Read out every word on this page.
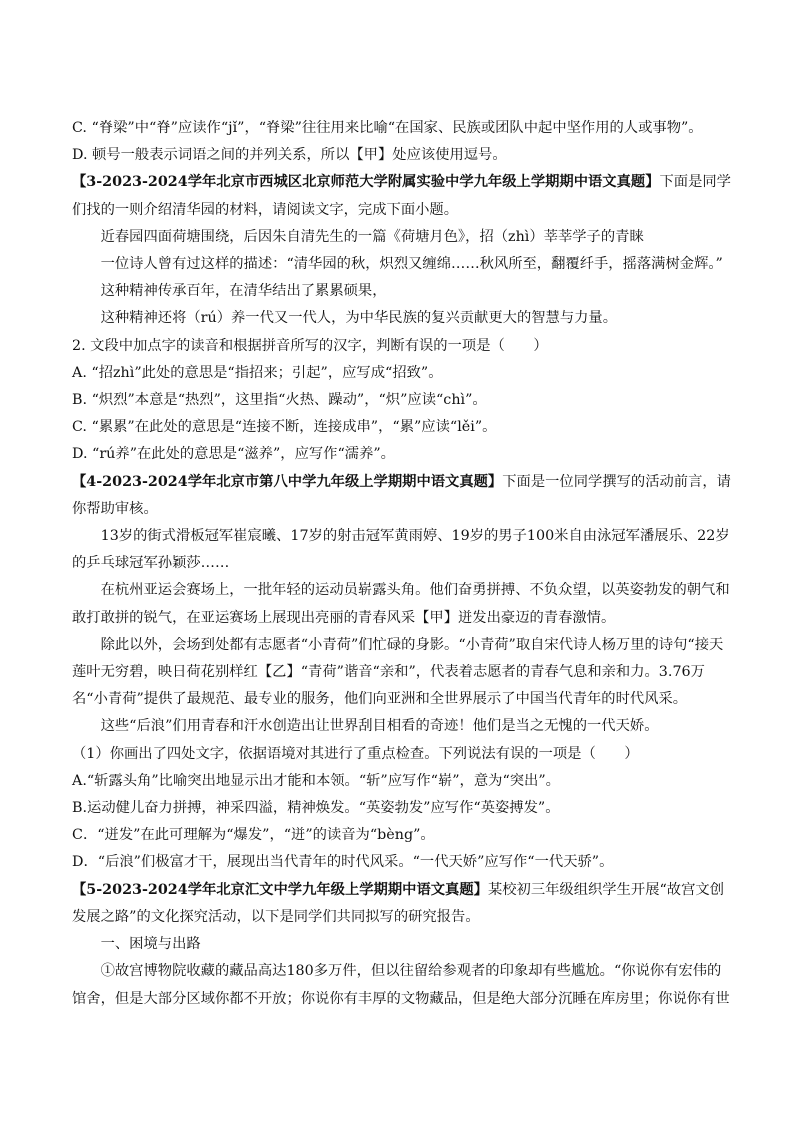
C. “脊梁”中“脊”应读作“jǐ”，“脊梁”往往用来比喻“在国家、民族或团队中起中坚作用的人或事物”。

D. 顿号一般表示词语之间的并列关系，所以【甲】处应该使用逗号。

【3-2023-2024学年北京市西城区北京师范大学附属实验中学九年级上学期期中语文真题】下面是同学们找的一则介绍清华园的材料，请阅读文字，完成下面小题。

近春园四面荷塘围绕，后因朱自清先生的一篇《荷塘月色》，招（zhì）莘莘学子的青睐

一位诗人曾有过这样的描述：“清华园的秋，炽烈又缠绵……秋风所至，翻覆纤手，摇落满树金辉。”

这种精神传承百年，在清华结出了累累硕果，

这种精神还将（rú）养一代又一代人，为中华民族的复兴贡献更大的智慧与力量。

2. 文段中加点字的读音和根据拼音所写的汉字，判断有误的一项是（　　）

A. “招zhì”此处的意思是“指招来；引起”，应写成“招致”。

B. “炽烈”本意是“热烈”，这里指“火热、躁动”，“炽”应读“chì”。

C. “累累”在此处的意思是“连接不断，连接成串”，“累”应读“lěi”。

D. “rú养”在此处的意思是“滋养”，应写作“濡养”。

【4-2023-2024学年北京市第八中学九年级上学期期中语文真题】下面是一位同学撰写的活动前言，请你帮助审核。

13岁的街式滑板冠军崔宸曦、17岁的射击冠军黄雨婷、19岁的男子100米自由泳冠军潘展乐、22岁的乒乓球冠军孙颖莎……

在杭州亚运会赛场上，一批年轻的运动员崭露头角。他们奋勇拼搏、不负众望，以英姿勃发的朝气和敢打敢拼的锐气，在亚运赛场上展现出亮丽的青春风采【甲】迸发出豪迈的青春激情。

除此以外，会场到处都有志愿者“小青荷”们忙碌的身影。“小青荷”取自宋代诗人杨万里的诗句“接天莲叶无穷碧，映日荷花别样红【乙】“青荷”谐音“亲和”，代表着志愿者的青春气息和亲和力。3.76万名“小青荷”提供了最规范、最专业的服务，他们向亚洲和全世界展示了中国当代青年的时代风采。

这些“后浪”们用青春和汗水创造出让世界刮目相看的奇迹！他们是当之无愧的一代天娇。

（1）你画出了四处文字，依据语境对其进行了重点检查。下列说法有误的一项是（　　）

A.“斩露头角”比喻突出地显示出才能和本领。“斩”应写作“崭”，意为“突出”。

B.运动健儿奋力拼搏，神采四溢，精神焕发。“英姿勃发”应写作“英姿搏发”。

C．“迸发”在此可理解为“爆发”，“迸”的读音为“bèng”。

D．“后浪”们极富才干，展现出当代青年的时代风采。“一代天娇”应写作“一代天骄”。

【5-2023-2024学年北京汇文中学九年级上学期期中语文真题】某校初三年级组织学生开展“故宫文创发展之路”的文化探究活动，以下是同学们共同拟写的研究报告。

一、困境与出路

①故宫博物院收藏的藏品高达180多万件，但以往留给参观者的印象却有些尴尬。“你说你有宏伟的馆舍，但是大部分区域你都不开放；你说你有丰厚的文物藏品，但是绝大部分沉睡在库房里；你说你有世
